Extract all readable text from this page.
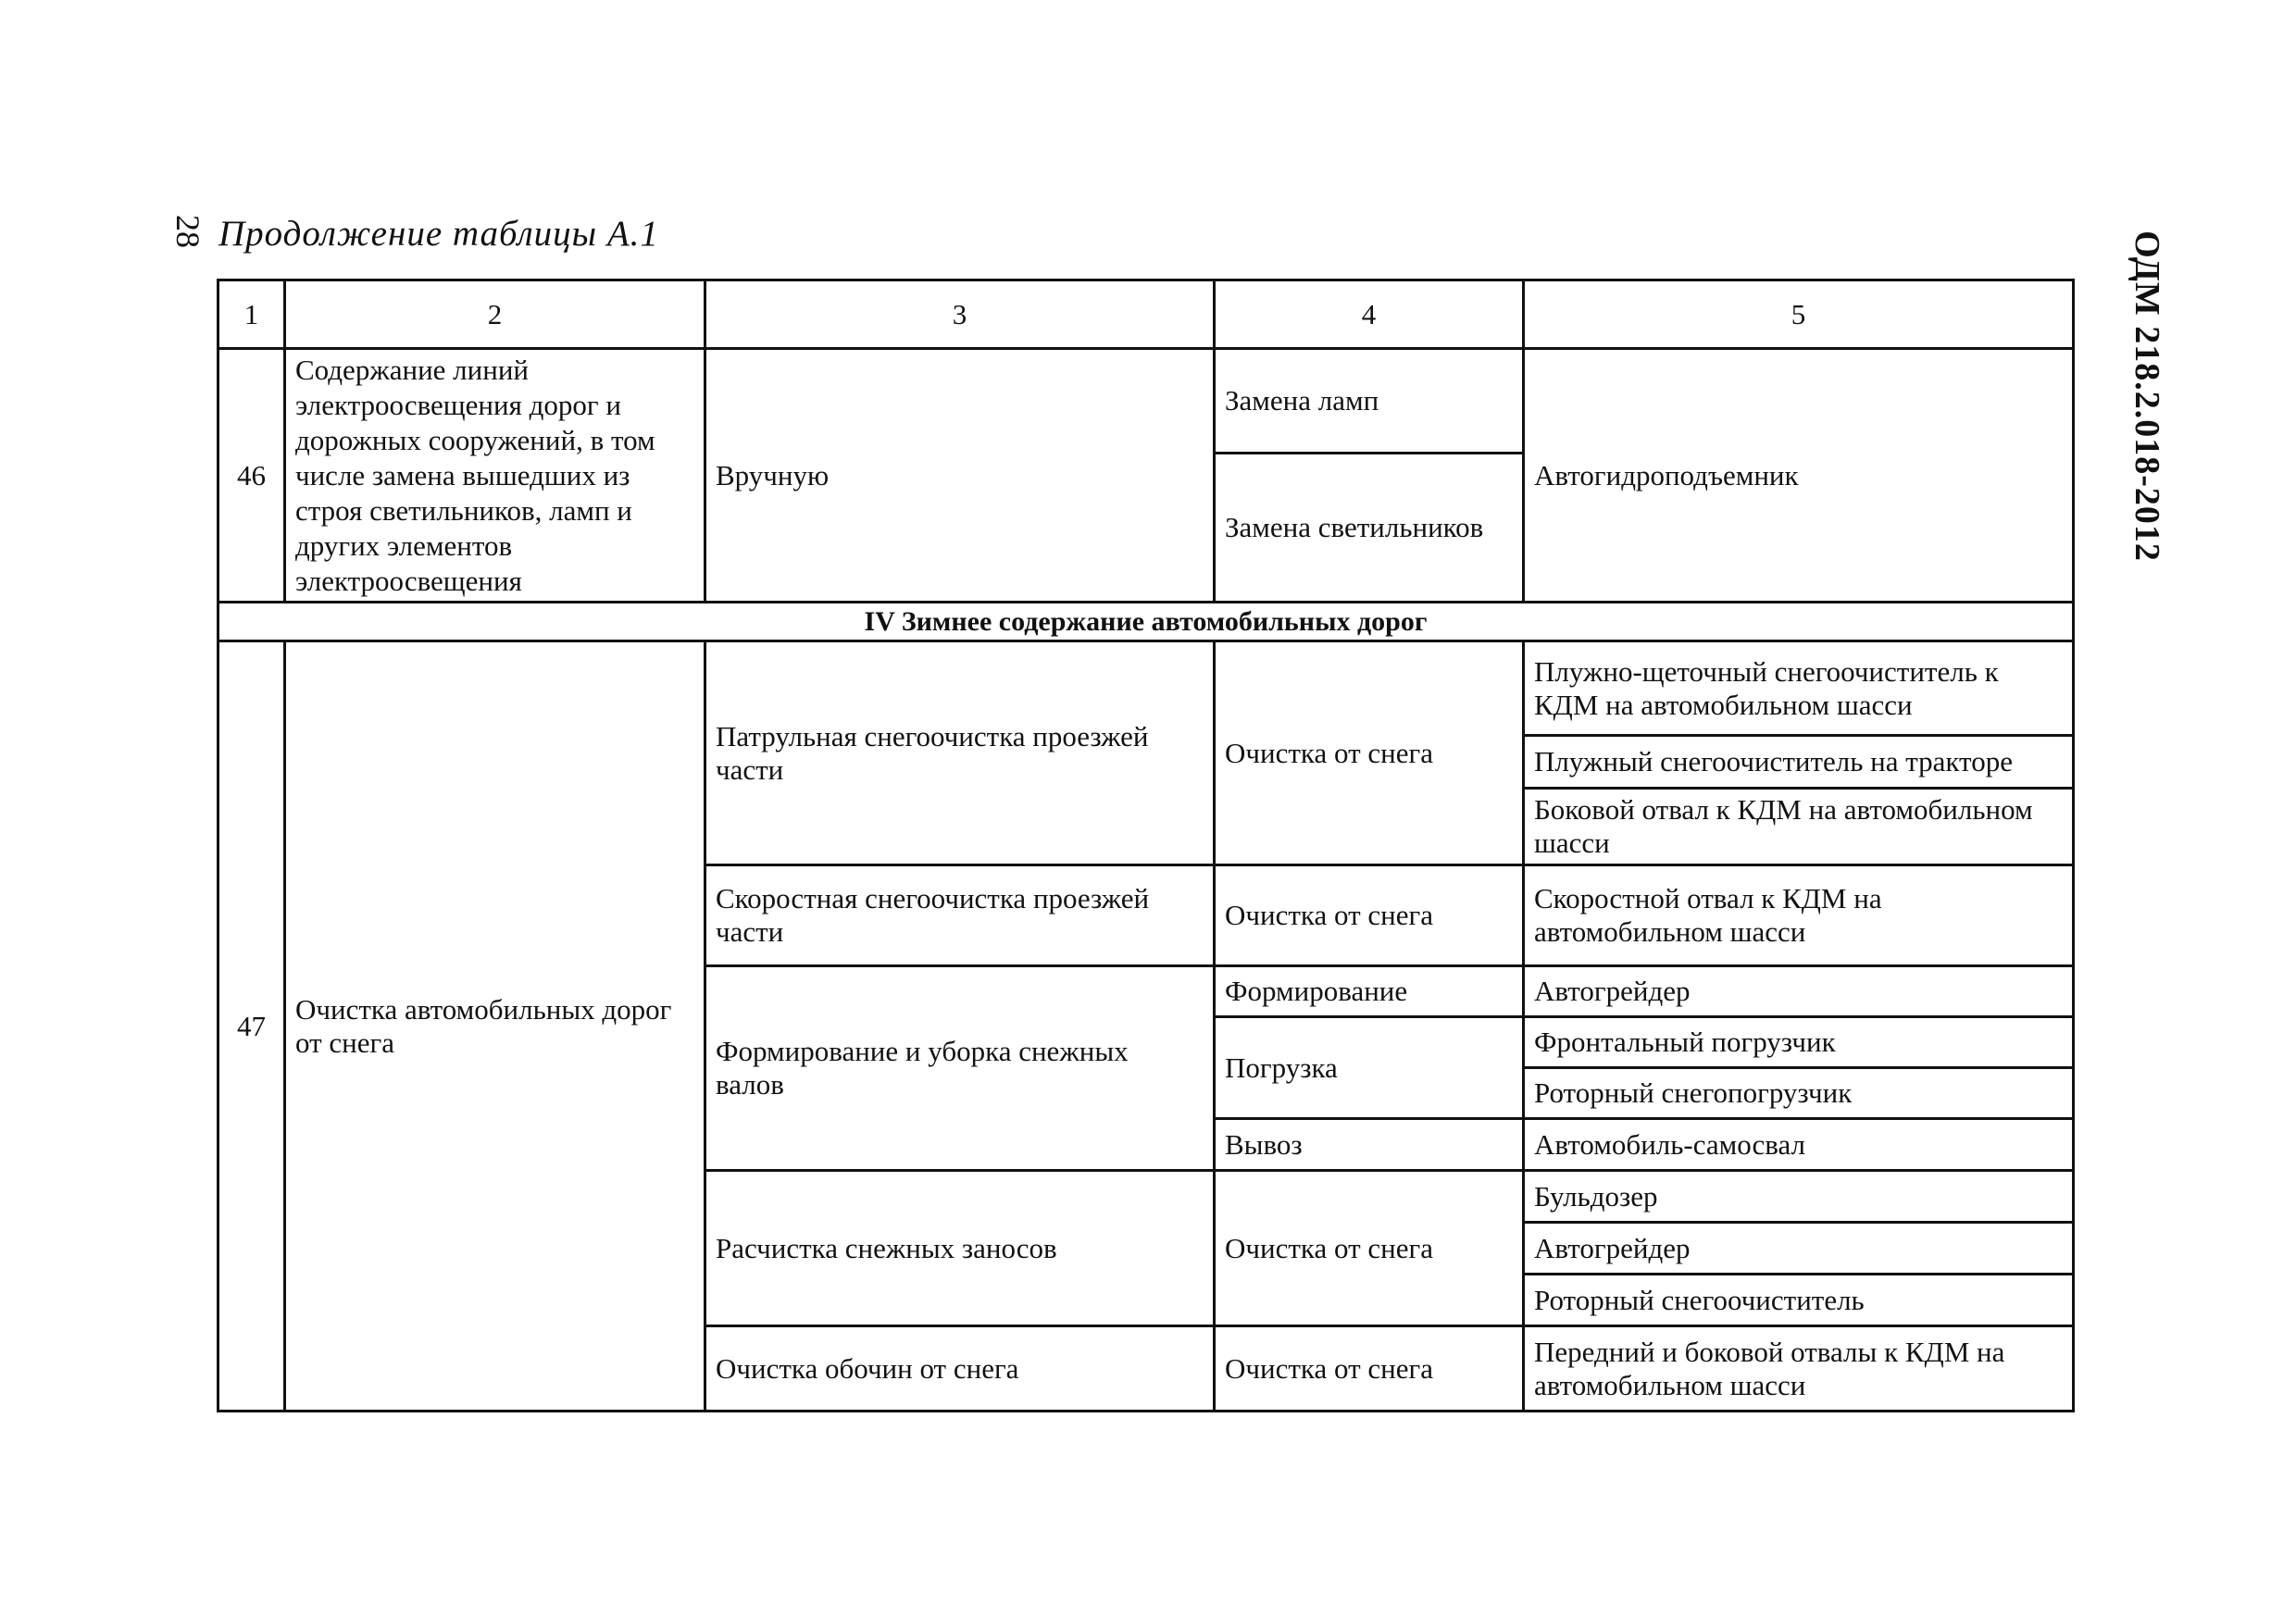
28 Продолжение таблицы А.1	ОДМ 218.2.018-2012
1	2	3	4	5
46	Содержание линий электроосвещения дорог и дорожных сооружений, в том числе замена вышедших из строя светильников, ламп и других элементов электроосвещения	Вручную	Замена ламп	Автогидроподъемник
			Замена светильников	
IV Зимнее содержание автомобильных дорог				
47	Очистка автомобильных дорог от снега	Патрульная снегоочистка проезжей части	Очистка от снега	Плужно-щеточный снегоочиститель к КДМ на автомобильном шасси
				Плужный снегоочиститель на тракторе
				Боковой отвал к КДМ на автомобильном шасси
		Скоростная снегоочистка проезжей части	Очистка от снега	Скоростной отвал к КДМ на автомобильном шасси
		Формирование и уборка снежных валов	Формирование	Автогрейдер
			Погрузка	Фронтальный погрузчик
				Роторный снегопогрузчик
			Вывоз	Автомобиль-самосвал
		Расчистка снежных заносов	Очистка от снега	Бульдозер
				Автогрейдер
				Роторный снегоочиститель
		Очистка обочин от снега	Очистка от снега	Передний и боковой отвалы к КДМ на автомобильном шасси
